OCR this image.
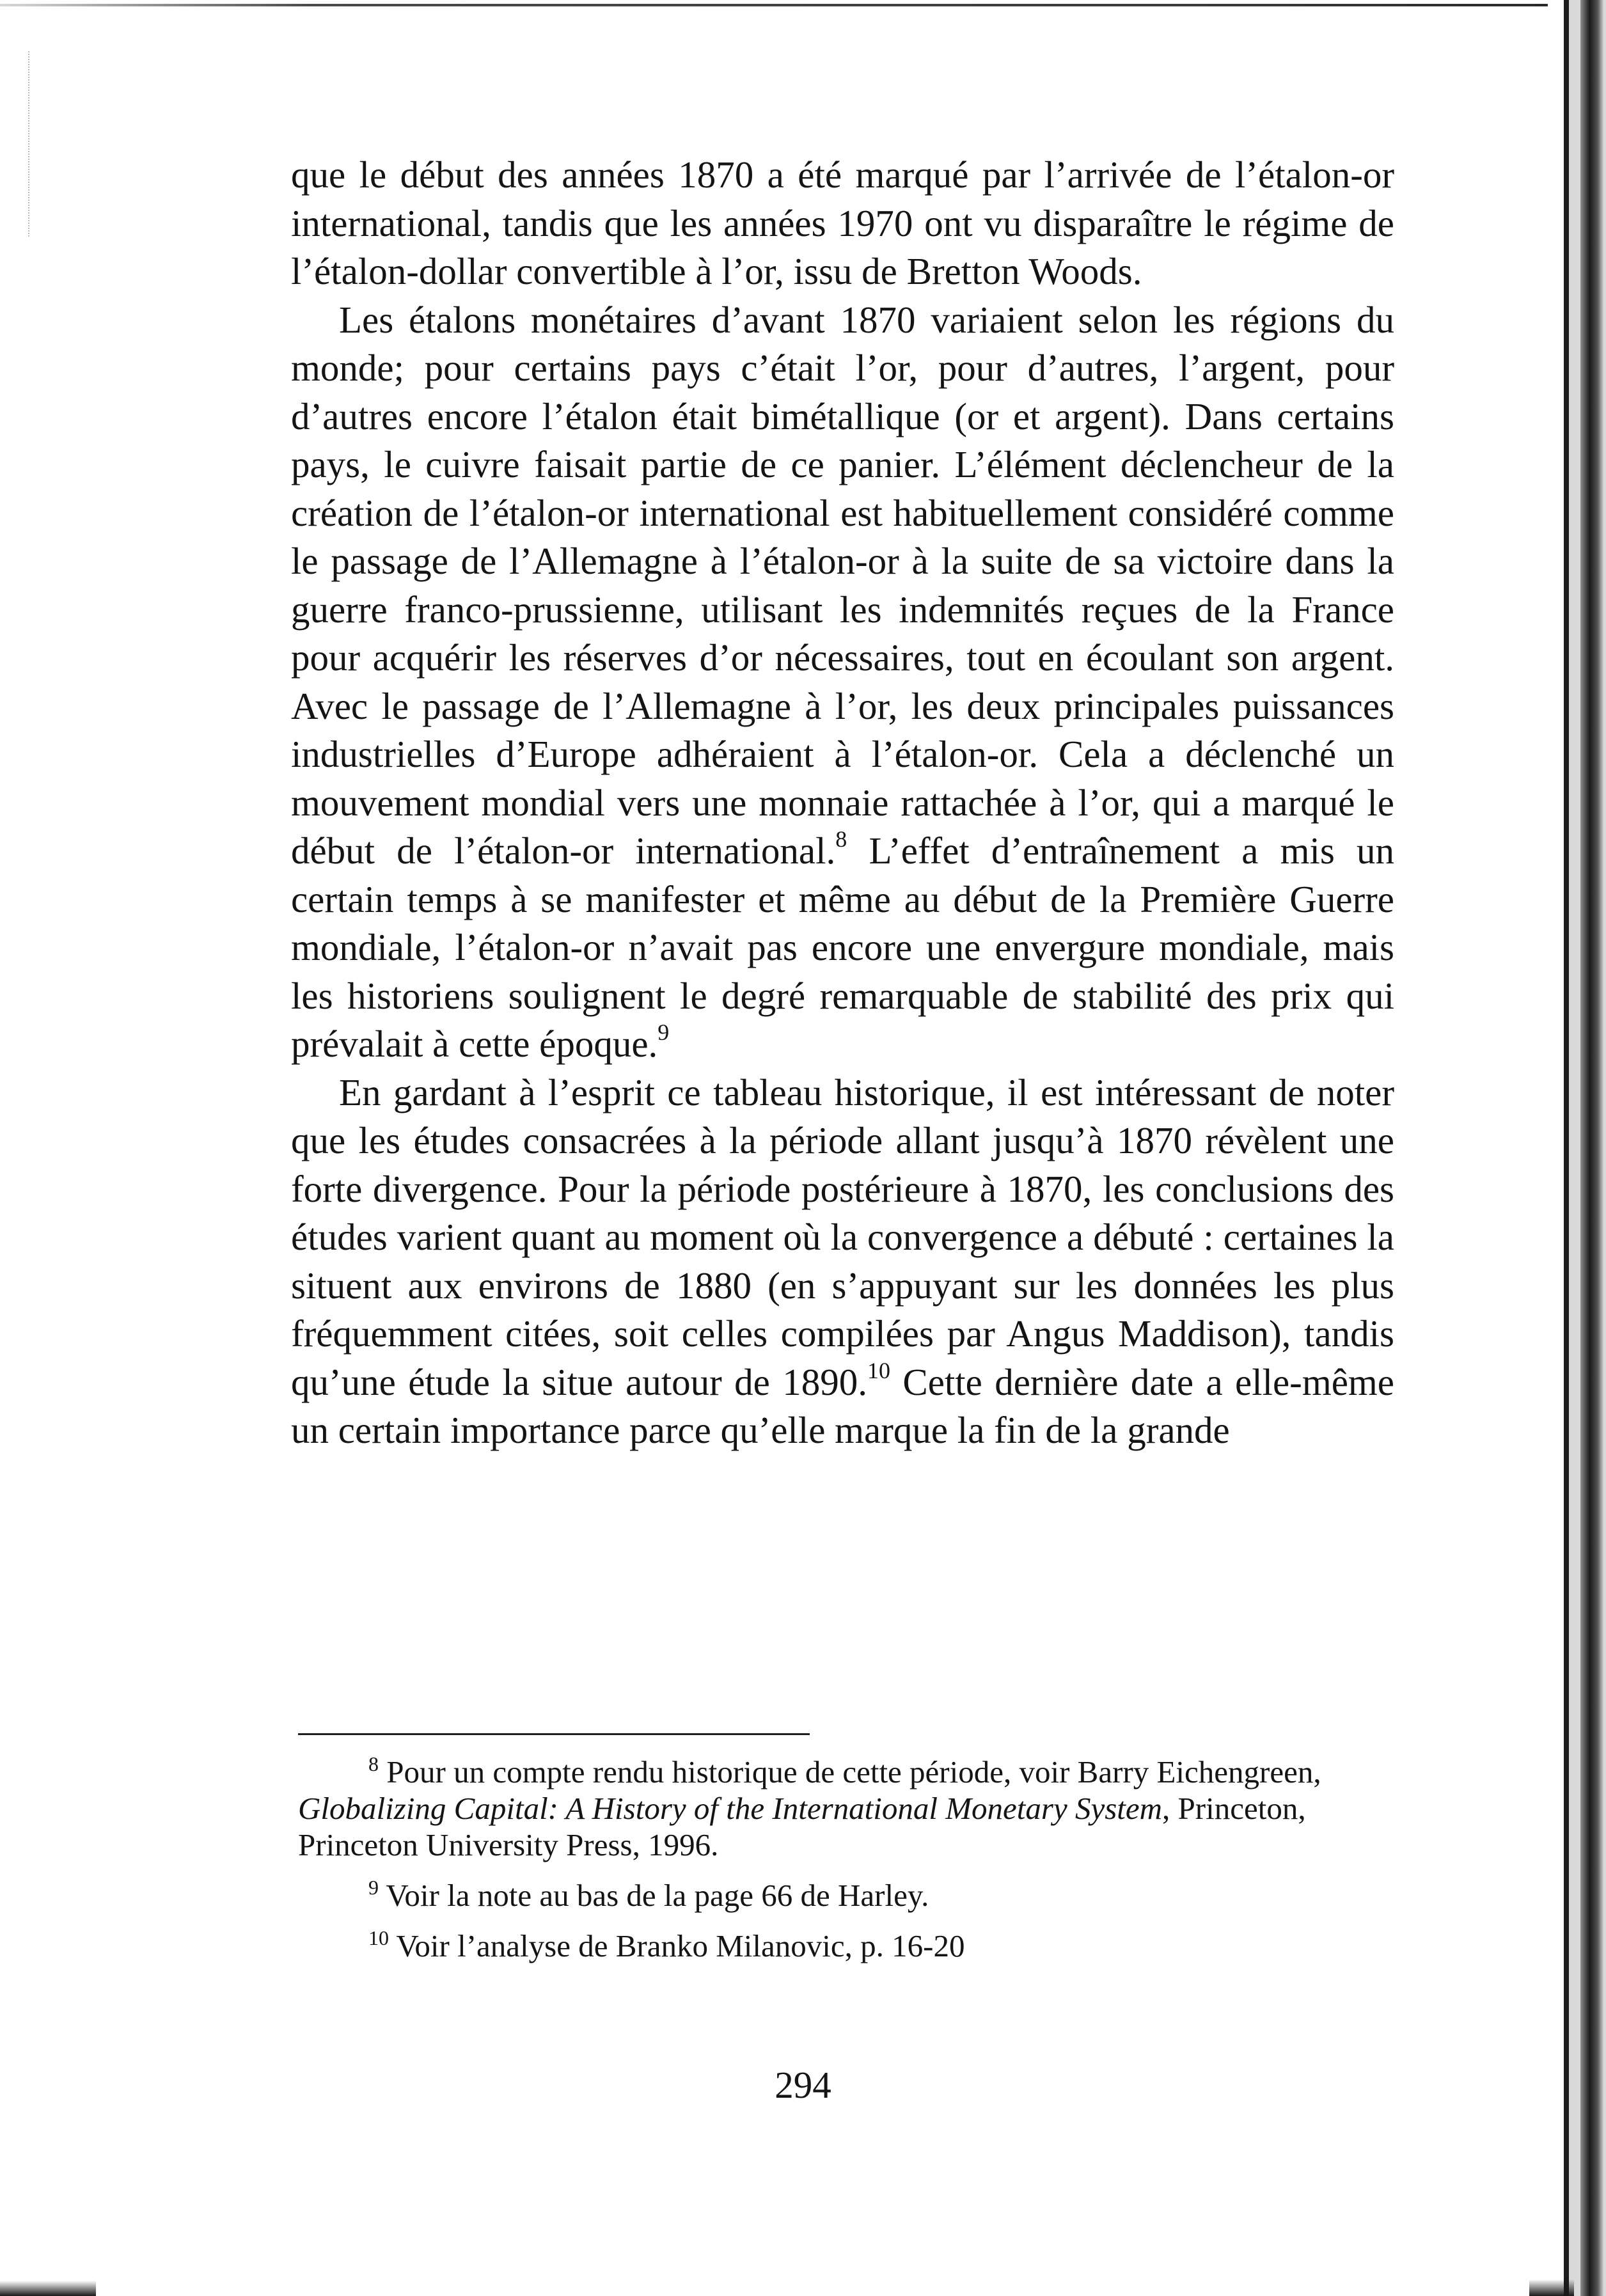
que le début des années 1870 a été marqué par l’arrivée de l’étalon-or international, tandis que les années 1970 ont vu disparaître le régime de l’étalon-dollar convertible à l’or, issu de Bretton Woods.

Les étalons monétaires d’avant 1870 variaient selon les régions du monde; pour certains pays c’était l’or, pour d’autres, l’argent, pour d’autres encore l’étalon était bimétallique (or et argent). Dans certains pays, le cuivre faisait partie de ce panier. L’élément déclencheur de la création de l’étalon-or international est habituellement considéré comme le passage de l’Allemagne à l’étalon-or à la suite de sa victoire dans la guerre franco-prussienne, utilisant les indemnités reçues de la France pour acquérir les réserves d’or nécessaires, tout en écoulant son argent. Avec le passage de l’Allemagne à l’or, les deux principales puissances industrielles d’Europe adhéraient à l’étalon-or. Cela a déclenché un mouvement mondial vers une monnaie rattachée à l’or, qui a marqué le début de l’étalon-or international.$^8$ L’effet d’entraînement a mis un certain temps à se manifester et même au début de la Première Guerre mondiale, l’étalon-or n’avait pas encore une envergure mondiale, mais les historiens soulignent le degré remarquable de stabilité des prix qui prévalait à cette époque.$^9$

En gardant à l’esprit ce tableau historique, il est intéressant de noter que les études consacrées à la période allant jusqu’à 1870 révèlent une forte divergence. Pour la période postérieure à 1870, les conclusions des études varient quant au moment où la convergence a débuté : certaines la situent aux environs de 1880 (en s’appuyant sur les données les plus fréquemment citées, soit celles compilées par Angus Maddison), tandis qu’une étude la situe autour de 1890.10 Cette dernière date a elle-même un certain importance parce qu’elle marque la fin de la grande

$^8$ Pour un compte rendu historique de cette période, voir Barry Eichengreen, Globalizing Capital: A History of the International Monetary System, Princeton, Princeton University Press, 1996.

$^9$ Voir la note au bas de la page 66 de Harley.

$^{10}$ Voir l’analyse de Branko Milanovic, p. 16-20

294
